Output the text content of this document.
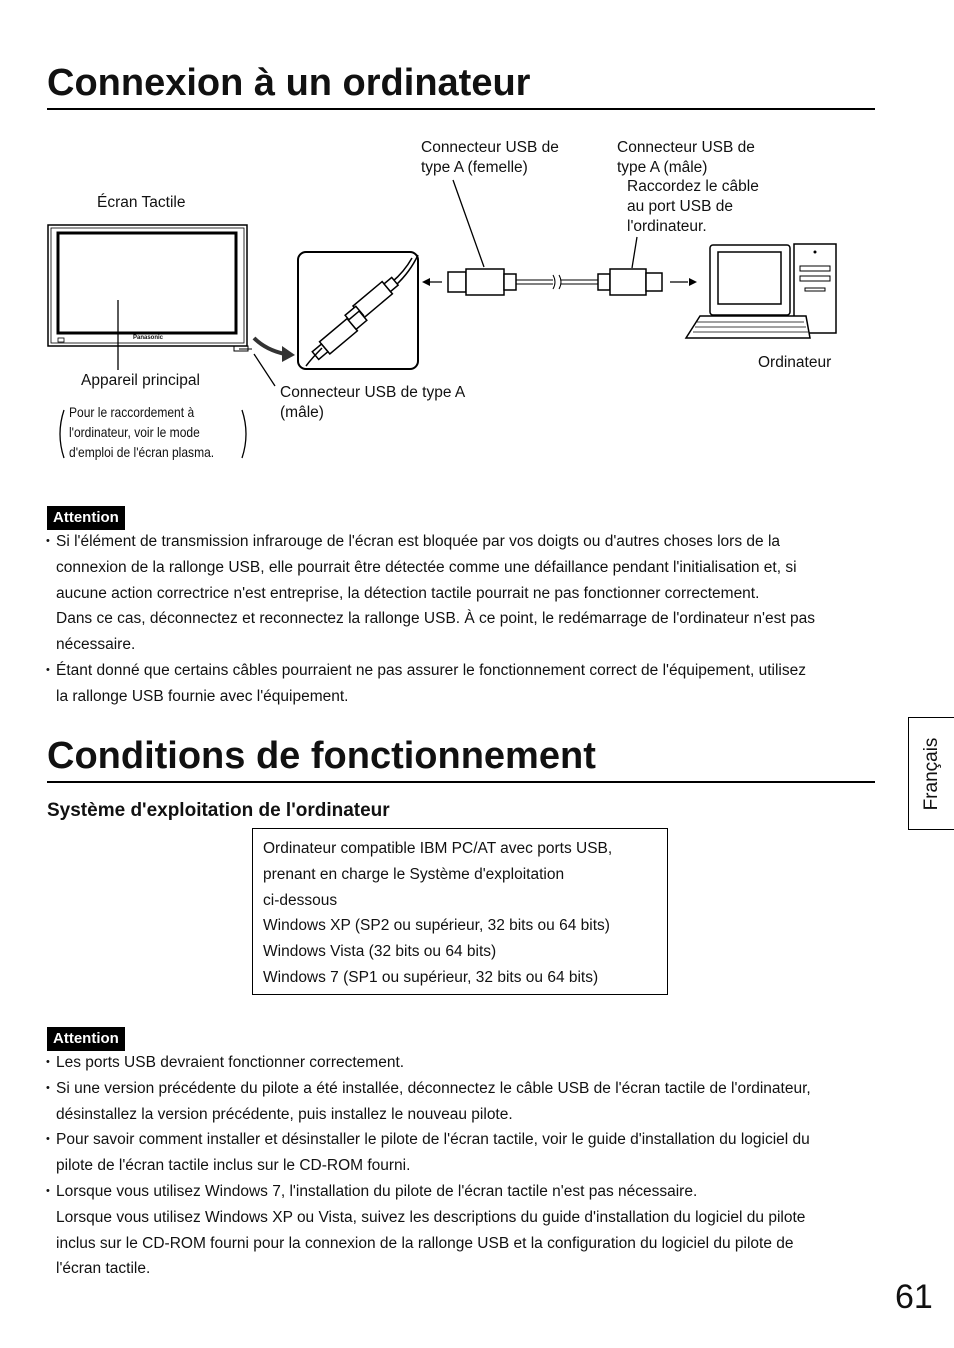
Connexion à un ordinateur
Panasonic
Écran Tactile
Appareil principal
Pour le raccordement à
l'ordinateur, voir le mode
d'emploi de l'écran plasma.
Connecteur USB de
type A (femelle)
Connecteur USB de
type A (mâle)
Raccordez le câble
au port USB de
l'ordinateur.
Connecteur USB de type A
(mâle)
Ordinateur
Attention
• Si l'élément de transmission infrarouge de l'écran est bloquée par vos doigts ou d'autres choses lors de la
connexion de la rallonge USB, elle pourrait être détectée comme une défaillance pendant l'initialisation et, si
aucune action correctrice n'est entreprise, la détection tactile pourrait ne pas fonctionner correctement.
Dans ce cas, déconnectez et reconnectez la rallonge USB. À ce point, le redémarrage de l'ordinateur n'est pas
nécessaire.
• Étant donné que certains câbles pourraient ne pas assurer le fonctionnement correct de l'équipement, utilisez
la rallonge USB fournie avec l'équipement.
Conditions de fonctionnement
Système d'exploitation de l'ordinateur
Ordinateur compatible IBM PC/AT avec ports USB,
prenant en charge le Système d'exploitation
ci-dessous
Windows XP (SP2 ou supérieur, 32 bits ou 64 bits)
Windows Vista (32 bits ou 64 bits)
Windows 7 (SP1 ou supérieur, 32 bits ou 64 bits)
Attention
• Les ports USB devraient fonctionner correctement.
• Si une version précédente du pilote a été installée, déconnectez le câble USB de l'écran tactile de l'ordinateur,
désinstallez la version précédente, puis installez le nouveau pilote.
• Pour savoir comment installer et désinstaller le pilote de l'écran tactile, voir le guide d'installation du logiciel du
pilote de l'écran tactile inclus sur le CD-ROM fourni.
• Lorsque vous utilisez Windows 7, l'installation du pilote de l'écran tactile n'est pas nécessaire.
Lorsque vous utilisez Windows XP ou Vista, suivez les descriptions du guide d'installation du logiciel du pilote
inclus sur le CD-ROM fourni pour la connexion de la rallonge USB et la configuration du logiciel du pilote de
l'écran tactile.
Français
61
